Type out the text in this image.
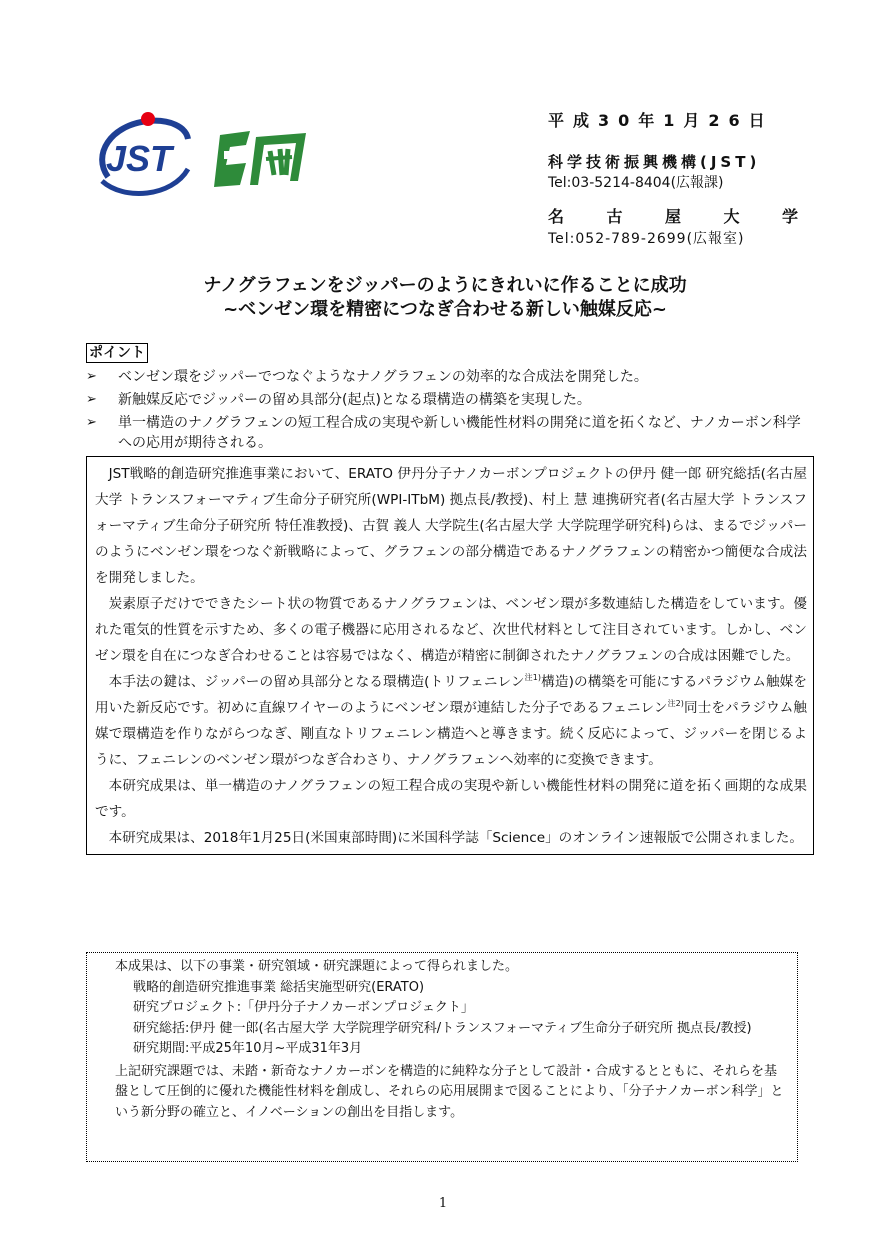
JST
平成30年1月26日
科学技術振興機構(JST)
Tel:03-5214-8404(広報課)
名	古	屋	大	学
Tel:052-789-2699(広報室)
ナノグラフェンをジッパーのようにきれいに作ることに成功
~ベンゼン環を精密につなぎ合わせる新しい触媒反応~
ポイント
➢ ベンゼン環をジッパーでつなぐようなナノグラフェンの効率的な合成法を開発した。
➢ 新触媒反応でジッパーの留め具部分(起点)となる環構造の構築を実現した。
➢ 単一構造のナノグラフェンの短工程合成の実現や新しい機能性材料の開発に道を拓くなど、ナノカーボン科学への応用が期待される。

JST戦略的創造研究推進事業において、ERATO 伊丹分子ナノカーボンプロジェクトの伊丹 健一郎 研究総括(名古屋大学 トランスフォーマティブ生命分子研究所(WPI-ITbM) 拠点長/教授)、村上 慧 連携研究者(名古屋大学 トランスフォーマティブ生命分子研究所 特任准教授)、古賀 義人 大学院生(名古屋大学 大学院理学研究科)らは、まるでジッパーのようにベンゼン環をつなぐ新戦略によって、グラフェンの部分構造であるナノグラフェンの精密かつ簡便な合成法を開発しました。

炭素原子だけでできたシート状の物質であるナノグラフェンは、ベンゼン環が多数連結した構造をしています。優れた電気的性質を示すため、多くの電子機器に応用されるなど、次世代材料として注目されています。しかし、ベンゼン環を自在につなぎ合わせることは容易ではなく、構造が精密に制御されたナノグラフェンの合成は困難でした。

本手法の鍵は、ジッパーの留め具部分となる環構造(トリフェニレン$^{注1)}$構造)の構築を可能にするパラジウム触媒を用いた新反応です。初めに直線ワイヤーのようにベンゼン環が連結した分子であるフェニレン$^{注2)}$同士をパラジウム触媒で環構造を作りながらつなぎ、剛直なトリフェニレン構造へと導きます。続く反応によって、ジッパーを閉じるように、フェニレンのベンゼン環がつなぎ合わさり、ナノグラフェンへ効率的に変換できます。

本研究成果は、単一構造のナノグラフェンの短工程合成の実現や新しい機能性材料の開発に道を拓く画期的な成果です。

本研究成果は、2018年1月25日(米国東部時間)に米国科学誌「Science」のオンライン速報版で公開されました。

本成果は、以下の事業・研究領域・研究課題によって得られました。
戦略的創造研究推進事業 総括実施型研究(ERATO)
研究プロジェクト:「伊丹分子ナノカーボンプロジェクト」
研究総括:伊丹 健一郎(名古屋大学 大学院理学研究科/トランスフォーマティブ生命分子研究所 拠点長/教授)
研究期間:平成25年10月~平成31年3月
上記研究課題では、未踏・新奇なナノカーボンを構造的に純粋な分子として設計・合成するとともに、それらを基盤として圧倒的に優れた機能性材料を創成し、それらの応用展開まで図ることにより、「分子ナノカーボン科学」という新分野の確立と、イノベーションの創出を目指します。
1
